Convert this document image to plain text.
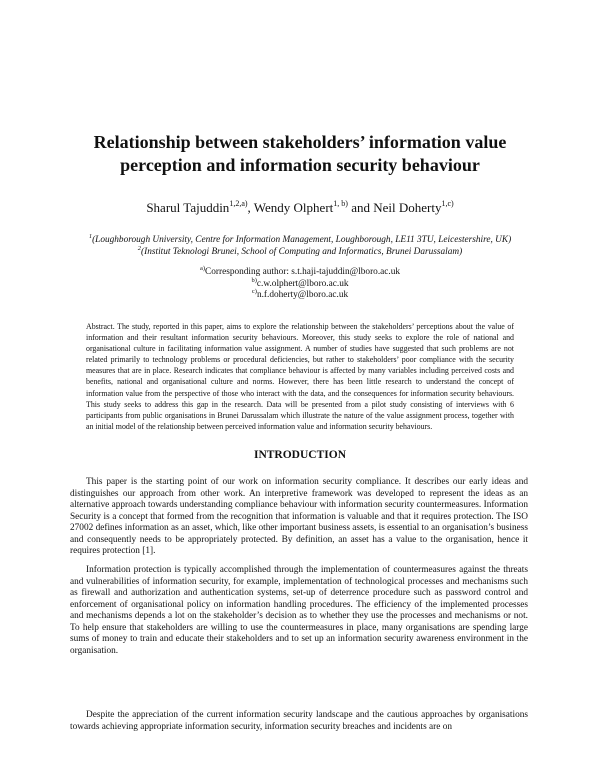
Relationship between stakeholders’ information value
perception and information security behaviour
Sharul Tajuddin$^{1,2,a)}$, Wendy Olphert$^{1, b)}$ and Neil Doherty$^{1,c)}$
$^1$(Loughborough University, Centre for Information Management, Loughborough, LE11 3TU, Leicestershire, UK)
$^2$(Institut Teknologi Brunei, School of Computing and Informatics, Brunei Darussalam)
$^{a)}$Corresponding author: s.t.haji-tajuddin@lboro.ac.uk
$^{b)}$c.w.olphert@lboro.ac.uk
$^{c)}$n.f.doherty@lboro.ac.uk
Abstract. The study, reported in this paper, aims to explore the relationship between the stakeholders’ perceptions about the value of information and their resultant information security behaviours. Moreover, this study seeks to explore the role of national and organisational culture in facilitating information value assignment. A number of studies have suggested that such problems are not related primarily to technology problems or procedural deficiencies, but rather to stakeholders’ poor compliance with the security measures that are in place. Research indicates that compliance behaviour is affected by many variables including perceived costs and benefits, national and organisational culture and norms. However, there has been little research to understand the concept of information value from the perspective of those who interact with the data, and the consequences for information security behaviours. This study seeks to address this gap in the research. Data will be presented from a pilot study consisting of interviews with 6 participants from public organisations in Brunei Darussalam which illustrate the nature of the value assignment process, together with an initial model of the relationship between perceived information value and information security behaviours.
INTRODUCTION

This paper is the starting point of our work on information security compliance. It describes our early ideas and distinguishes our approach from other work. An interpretive framework was developed to represent the ideas as an alternative approach towards understanding compliance behaviour with information security countermeasures. Information Security is a concept that formed from the recognition that information is valuable and that it requires protection. The ISO 27002 defines information as an asset, which, like other important business assets, is essential to an organisation’s business and consequently needs to be appropriately protected. By definition, an asset has a value to the organisation, hence it requires protection [1].

Information protection is typically accomplished through the implementation of countermeasures against the threats and vulnerabilities of information security, for example, implementation of technological processes and mechanisms such as firewall and authorization and authentication systems, set-up of deterrence procedure such as password control and enforcement of organisational policy on information handling procedures. The efficiency of the implemented processes and mechanisms depends a lot on the stakeholder’s decision as to whether they use the processes and mechanisms or not. To help ensure that stakeholders are willing to use the countermeasures in place, many organisations are spending large sums of money to train and educate their stakeholders and to set up an information security awareness environment in the organisation.

Despite the appreciation of the current information security landscape and the cautious approaches by organisations towards achieving appropriate information security, information security breaches and incidents are on
